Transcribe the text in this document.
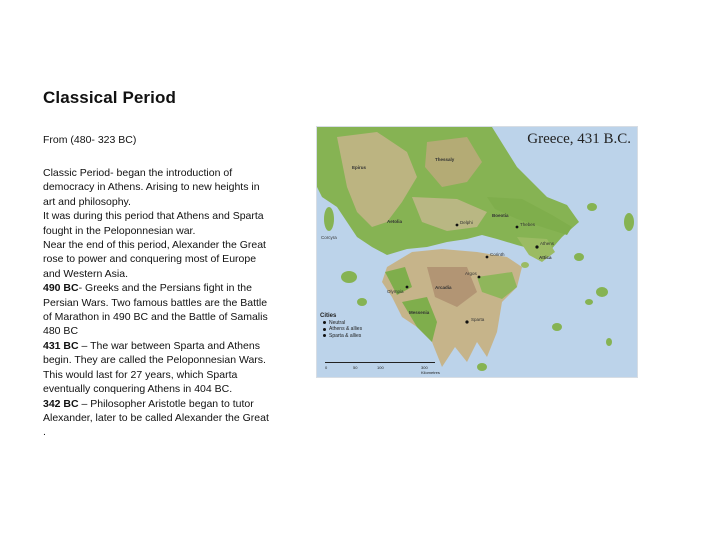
Classical Period
From (480- 323 BC)

Classic Period- began the introduction of democracy in Athens. Arising to new heights in art and philosophy.

It was during this period that Athens and Sparta fought in the Peloponnesian war.

Near the end of this period, Alexander the Great rose to power and conquering most of Europe and Western Asia.

490 BC- Greeks and the Persians fight in the Persian Wars. Two famous battles are the Battle of Marathon in 490 BC and the Battle of Samalis 480 BC

431 BC – The war between Sparta and Athens begin. They are called the Peloponnesian Wars. This would last for 27 years, which Sparta eventually conquering Athens in 404 BC.

342 BC – Philosopher Aristotle began to tutor Alexander, later to be called Alexander the Great .

Greece, 431 B.C.
Athens
Sparta
Thebes
Corinth
Argos
Olympia
Delphi
Messenia
Arcadia
Boeotia
Attica
Aetolia
Epirus
Thessaly
Corcyra
Cities
Neutral
Athens & allies
Sparta & allies
0	50	100	300 Kilometres
